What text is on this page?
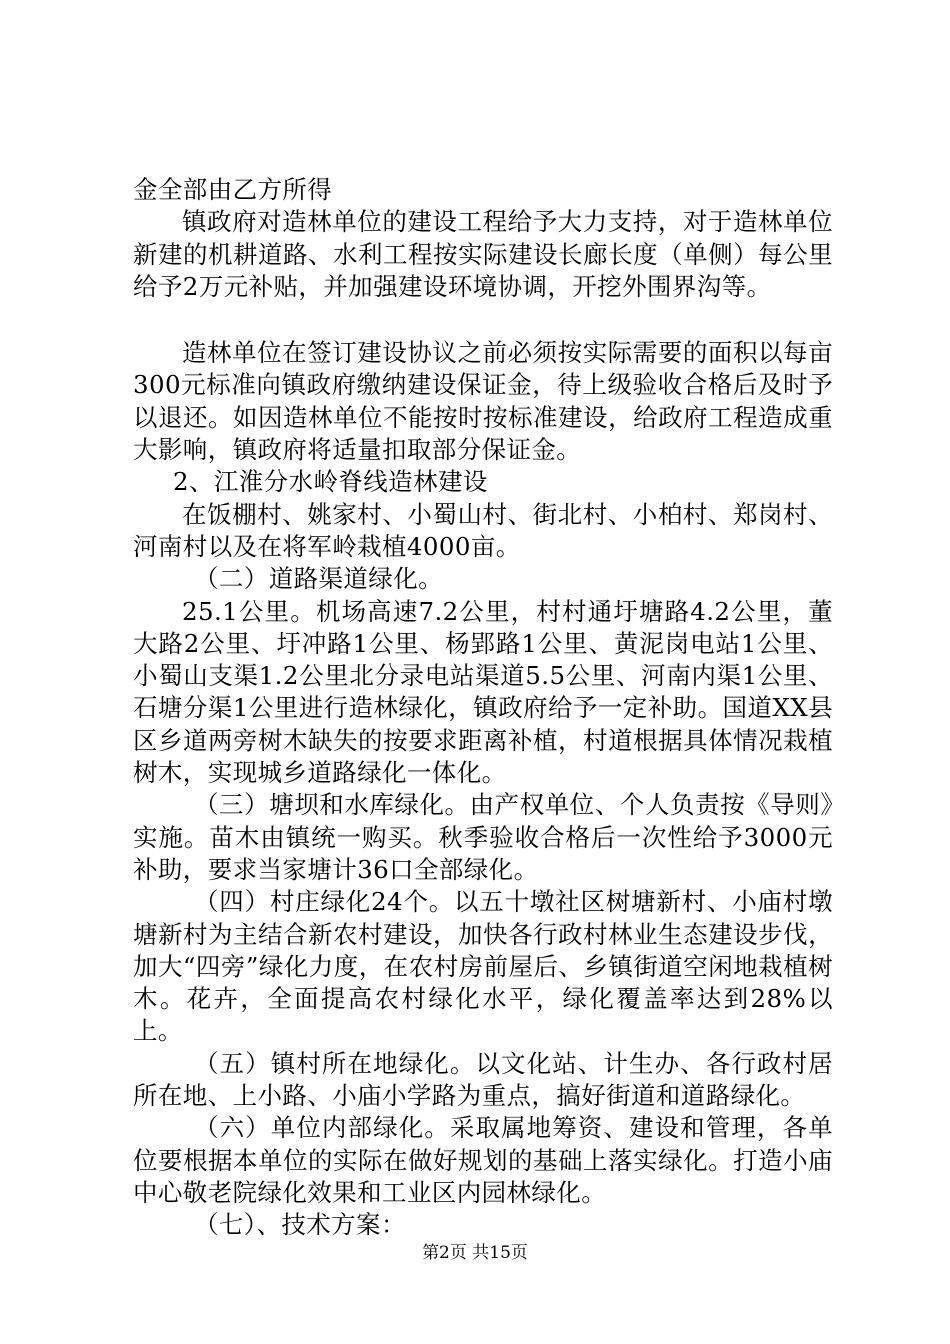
金全部由乙方所得

镇政府对造林单位的建设工程给予大力支持，对于造林单位新建的机耕道路、水利工程按实际建设长廊长度（单侧）每公里给予2万元补贴，并加强建设环境协调，开挖外围界沟等。

造林单位在签订建设协议之前必须按实际需要的面积以每亩300元标准向镇政府缴纳建设保证金，待上级验收合格后及时予以退还。如因造林单位不能按时按标准建设，给政府工程造成重大影响，镇政府将适量扣取部分保证金。

2、江淮分水岭脊线造林建设

在饭棚村、姚家村、小蜀山村、街北村、小柏村、郑岗村、河南村以及在将军岭栽植4000亩。

（二）道路渠道绿化。

25.1公里。机场高速7.2公里，村村通圩塘路4.2公里，董大路2公里、圩冲路1公里、杨郢路1公里、黄泥岗电站1公里、小蜀山支渠1.2公里北分录电站渠道5.5公里、河南内渠1公里、石塘分渠1公里进行造林绿化，镇政府给予一定补助。国道XX县区乡道两旁树木缺失的按要求距离补植，村道根据具体情况栽植树木，实现城乡道路绿化一体化。

（三）塘坝和水库绿化。由产权单位、个人负责按《导则》实施。苗木由镇统一购买。秋季验收合格后一次性给予3000元补助，要求当家塘计36口全部绿化。

（四）村庄绿化24个。以五十墩社区树塘新村、小庙村墩塘新村为主结合新农村建设，加快各行政村林业生态建设步伐，加大“四旁”绿化力度，在农村房前屋后、乡镇街道空闲地栽植树木。花卉，全面提高农村绿化水平，绿化覆盖率达到28%以上。

（五）镇村所在地绿化。以文化站、计生办、各行政村居所在地、上小路、小庙小学路为重点，搞好街道和道路绿化。

（六）单位内部绿化。采取属地筹资、建设和管理，各单位要根据本单位的实际在做好规划的基础上落实绿化。打造小庙中心敬老院绿化效果和工业区内园林绿化。

（七）、技术方案：

第2页 共15页
